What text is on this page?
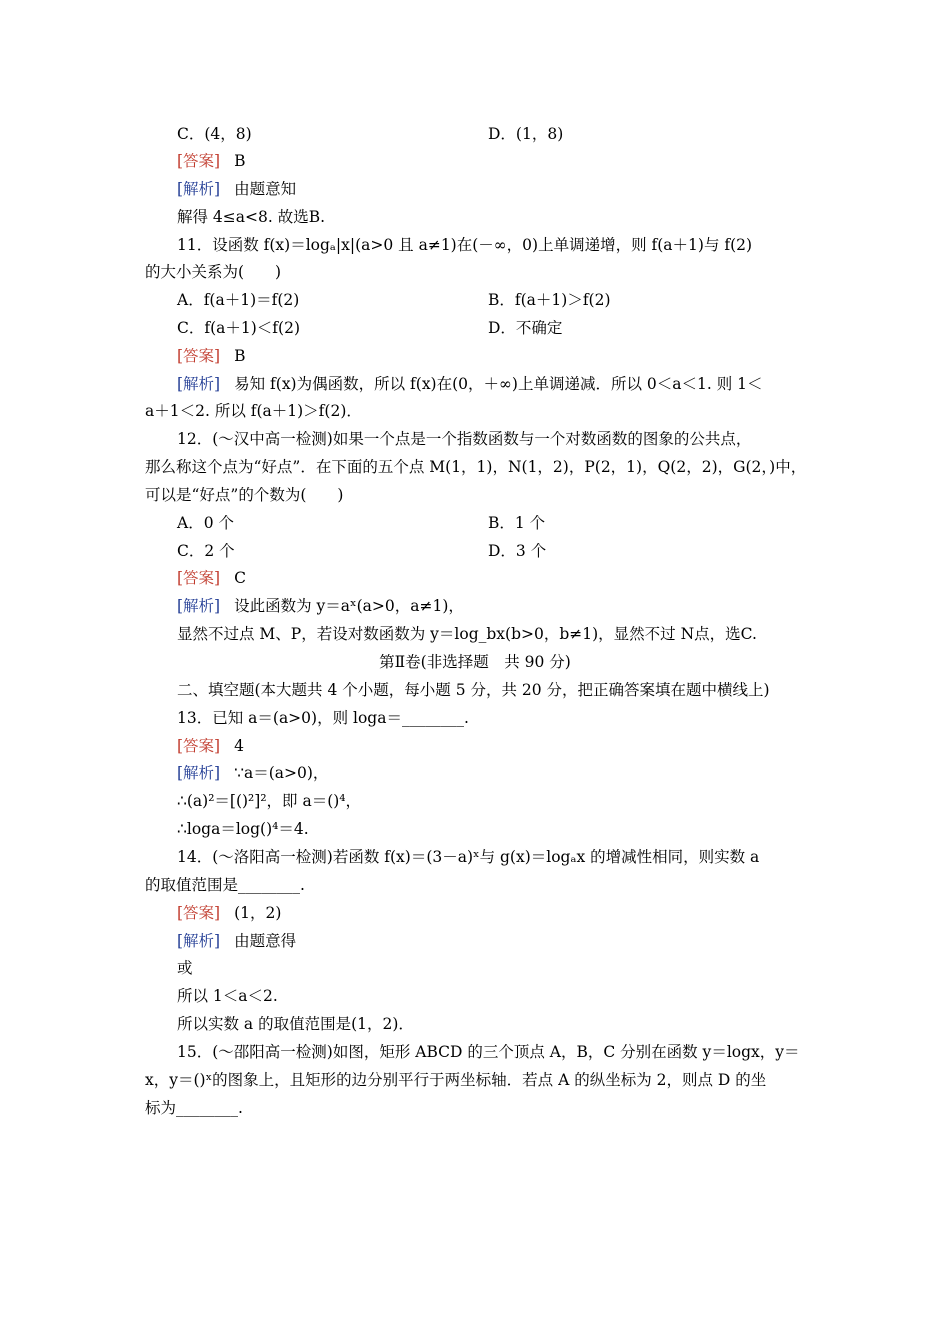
C．(4，8)	D．(1，8)
[答案] B
[解析] 由题意知
解得 4≤a<8. 故选B.
11．设函数 f(x)＝logₐ|x|(a>0 且 a≠1)在(－∞，0)上单调递增，则 f(a＋1)与 f(2)
的大小关系为(　　)
A．f(a＋1)＝f(2)	B．f(a＋1)＞f(2)
C．f(a＋1)＜f(2)	D．不确定
[答案] B
[解析] 易知 f(x)为偶函数，所以 f(x)在(0，＋∞)上单调递减．所以 0＜a＜1. 则 1＜
a＋1＜2. 所以 f(a＋1)＞f(2)．
12．(～汉中高一检测)如果一个点是一个指数函数与一个对数函数的图象的公共点，
那么称这个点为“好点”．在下面的五个点 M(1，1)，N(1，2)，P(2，1)，Q(2，2)，G(2，)中，
可以是“好点”的个数为(　　)
A．0 个	B．1 个
C．2 个	D．3 个
[答案] C
[解析] 设此函数为 y＝aˣ(a>0，a≠1)，
显然不过点 M、P，若设对数函数为 y＝log_bx(b>0，b≠1)，显然不过 N点，选C.
第Ⅱ卷(非选择题　共 90 分)
二、填空题(本大题共 4 个小题，每小题 5 分，共 20 分，把正确答案填在题中横线上)
13．已知 a＝(a>0)，则 loga＝________.
[答案] 4
[解析] ∵a＝(a>0)，
∴(a)²＝[()²]²，即 a＝()⁴，
∴loga＝log()⁴＝4.
14．(～洛阳高一检测)若函数 f(x)＝(3－a)ˣ与 g(x)＝logₐx 的增减性相同，则实数 a
的取值范围是________.
[答案] (1，2)
[解析] 由题意得
或
所以 1＜a＜2.
所以实数 a 的取值范围是(1，2)．
15．(～邵阳高一检测)如图，矩形 ABCD 的三个顶点 A，B，C 分别在函数 y＝logx，y＝
x，y＝()ˣ的图象上，且矩形的边分别平行于两坐标轴．若点 A 的纵坐标为 2，则点 D 的坐
标为________.
